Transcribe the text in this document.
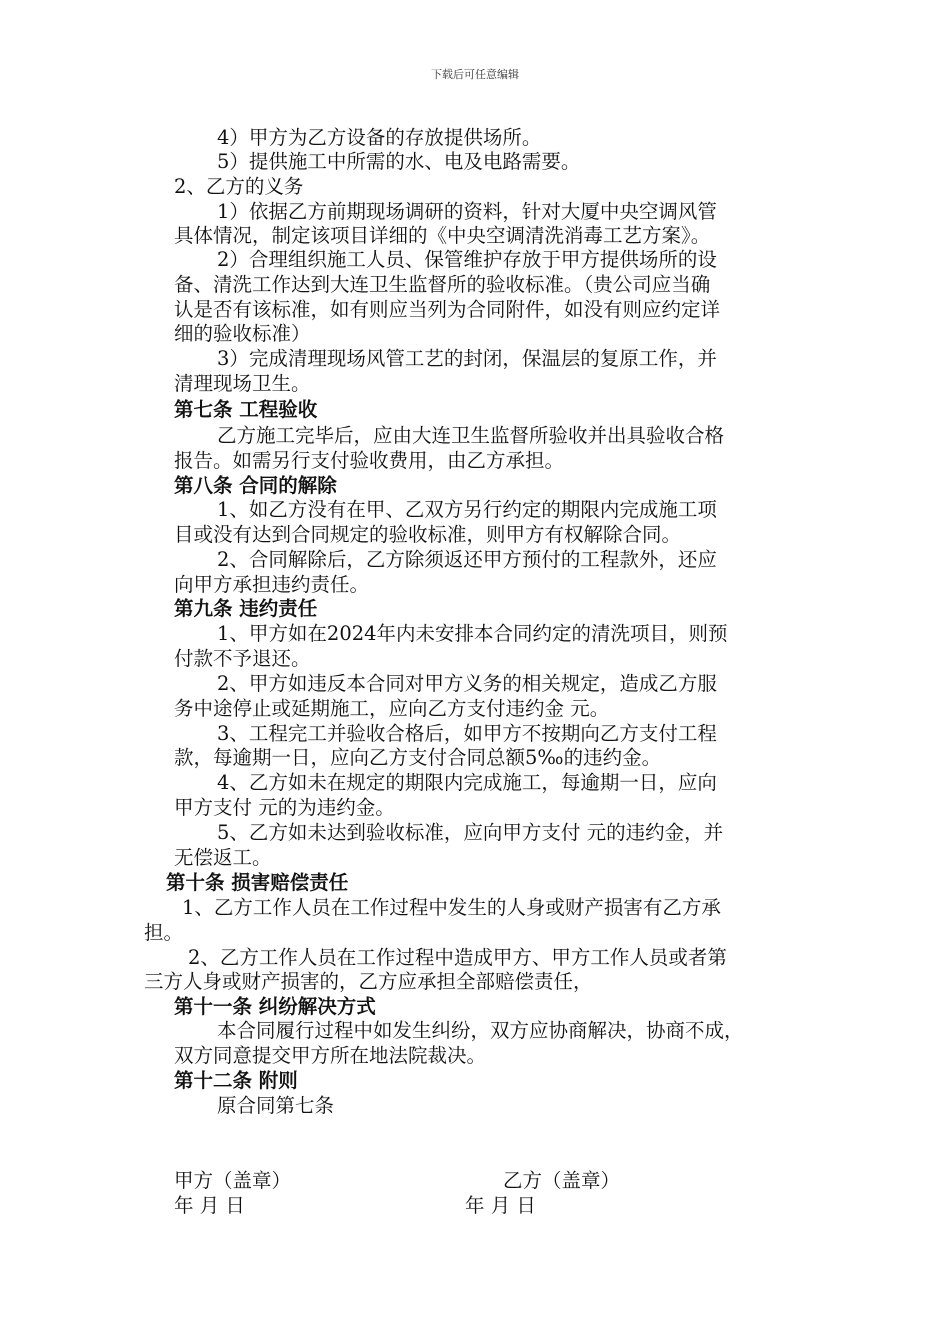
下载后可任意编辑
4）甲方为乙方设备的存放提供场所。
5）提供施工中所需的水、电及电路需要。
2、乙方的义务
1）依据乙方前期现场调研的资料，针对大厦中央空调风管
具体情况，制定该项目详细的《中央空调清洗消毒工艺方案》。
2）合理组织施工人员、保管维护存放于甲方提供场所的设
备、清洗工作达到大连卫生监督所的验收标准。（贵公司应当确
认是否有该标准，如有则应当列为合同附件，如没有则应约定详
细的验收标准）
3）完成清理现场风管工艺的封闭，保温层的复原工作，并
清理现场卫生。
第七条 工程验收
乙方施工完毕后，应由大连卫生监督所验收并出具验收合格
报告。如需另行支付验收费用，由乙方承担。
第八条 合同的解除
1、如乙方没有在甲、乙双方另行约定的期限内完成施工项
目或没有达到合同规定的验收标准，则甲方有权解除合同。
2、合同解除后，乙方除须返还甲方预付的工程款外，还应
向甲方承担违约责任。
第九条 违约责任
1、甲方如在2024年内未安排本合同约定的清洗项目，则预
付款不予退还。
2、甲方如违反本合同对甲方义务的相关规定，造成乙方服
务中途停止或延期施工，应向乙方支付违约金 元。
3、工程完工并验收合格后，如甲方不按期向乙方支付工程
款，每逾期一日，应向乙方支付合同总额5‰的违约金。
4、乙方如未在规定的期限内完成施工，每逾期一日，应向
甲方支付 元的为违约金。
5、乙方如未达到验收标准，应向甲方支付 元的违约金，并
无偿返工。
第十条 损害赔偿责任
1、乙方工作人员在工作过程中发生的人身或财产损害有乙方承
担。
2、乙方工作人员在工作过程中造成甲方、甲方工作人员或者第
三方人身或财产损害的，乙方应承担全部赔偿责任，
第十一条 纠纷解决方式
本合同履行过程中如发生纠纷，双方应协商解决，协商不成，
双方同意提交甲方所在地法院裁决。
第十二条 附则
原合同第七条
甲方（盖章）	乙方（盖章）
年 月 日	年 月 日
